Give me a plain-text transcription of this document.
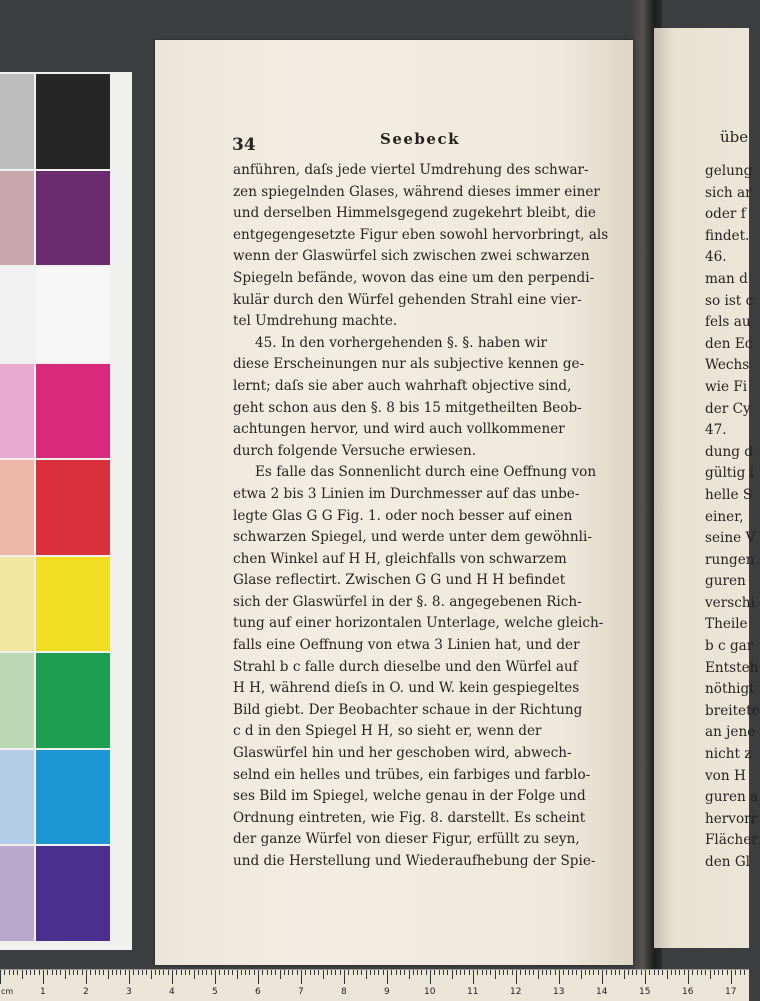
übe
gelung
sich ar
oder f
findet.
46.
man d
so ist c
fels au
den Ec
Wechs
wie Fi
der Cy
47.
dung d
gültig i
helle S
einer,
seine V
rungen
guren
verschi
Theile
b c gar
Entsteh
nöthigt
breitete
an jene
nicht z
von H
guren a
hervorr
Flächer
den Gl
34	Seebeck
anführen, daſs jede viertel Umdrehung des schwar-
zen spiegelnden Glases, während dieses immer einer
und derselben Himmelsgegend zugekehrt bleibt, die
entgegengesetzte Figur eben sowohl hervorbringt, als
wenn der Glaswürfel sich zwischen zwei schwarzen
Spiegeln befände, wovon das eine um den perpendi-
kulär durch den Würfel gehenden Strahl eine vier-
tel Umdrehung machte.
45. In den vorhergehenden §. §. haben wir
diese Erscheinungen nur als subjective kennen ge-
lernt; daſs sie aber auch wahrhaft objective sind,
geht schon aus den §. 8 bis 15 mitgetheilten Beob-
achtungen hervor, und wird auch vollkommener
durch folgende Versuche erwiesen.
Es falle das Sonnenlicht durch eine Oeffnung von
etwa 2 bis 3 Linien im Durchmesser auf das unbe-
legte Glas G G Fig. 1. oder noch besser auf einen
schwarzen Spiegel, und werde unter dem gewöhnli-
chen Winkel auf H H, gleichfalls von schwarzem
Glase reflectirt. Zwischen G G und H H befindet
sich der Glaswürfel in der §. 8. angegebenen Rich-
tung auf einer horizontalen Unterlage, welche gleich-
falls eine Oeffnung von etwa 3 Linien hat, und der
Strahl b c falle durch dieselbe und den Würfel auf
H H, während dieſs in O. und W. kein gespiegeltes
Bild giebt. Der Beobachter schaue in der Richtung
c d in den Spiegel H H, so sieht er, wenn der
Glaswürfel hin und her geschoben wird, abwech-
selnd ein helles und trübes, ein farbiges und farblo-
ses Bild im Spiegel, welche genau in der Folge und
Ordnung eintreten, wie Fig. 8. darstellt. Es scheint
der ganze Würfel von dieser Figur, erfüllt zu seyn,
und die Herstellung und Wiederaufhebung der Spie-
cm	1	2	3	4	5	6	7	8	9	10	11	12	13	14	15	16	17
